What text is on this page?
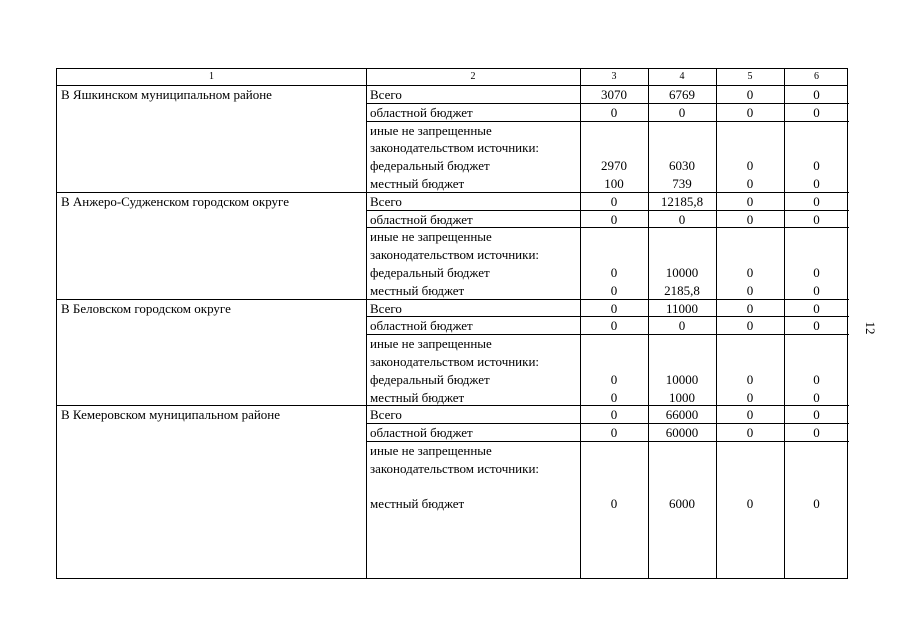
1	2	3	4	5	6
В Яшкинском муниципальном районе	Всего	3070	6769	0	0
областной бюджет	0	0	0	0
иные не запрещенные
законодательством источники:
федеральный бюджет	2970	6030	0	0
местный бюджет	100	739	0	0
В Анжеро-Судженском городском округе	Всего	0	12185,8	0	0
областной бюджет	0	0	0	0
иные не запрещенные
законодательством источники:
федеральный бюджет	0	10000	0	0
местный бюджет	0	2185,8	0	0
В Беловском городском округе	Всего	0	11000	0	0
областной бюджет	0	0	0	0
иные не запрещенные
законодательством источники:
федеральный бюджет	0	10000	0	0
местный бюджет	0	1000	0	0
В Кемеровском муниципальном районе	Всего	0	66000	0	0
областной бюджет	0	60000	0	0
иные не запрещенные
законодательством источники:
местный бюджет	0	6000	0	0
12
